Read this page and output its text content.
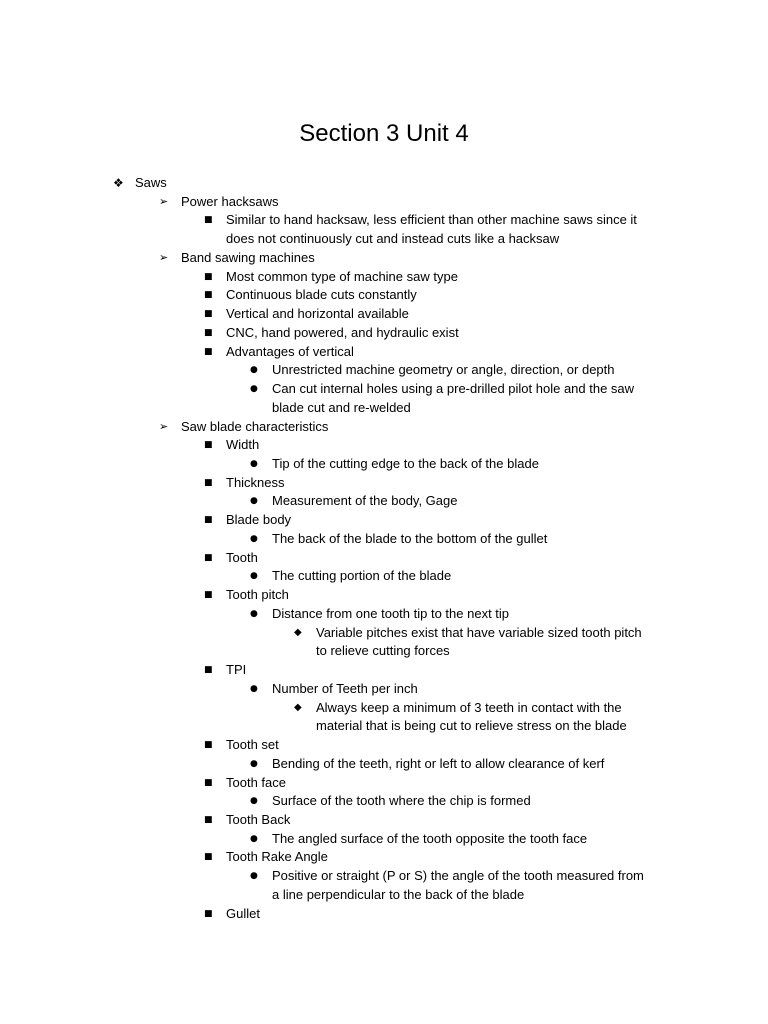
Section 3 Unit 4
❖ Saws
➢ Power hacksaws
■	Similar to hand hacksaw, less efficient than other machine saws since it
does not continuously cut and instead cuts like a hacksaw
➢ Band sawing machines
■	Most common type of machine saw type
■	Continuous blade cuts constantly
■	Vertical and horizontal available
■	CNC, hand powered, and hydraulic exist
■	Advantages of vertical
●	Unrestricted machine geometry or angle, direction, or depth
●	Can cut internal holes using a pre-drilled pilot hole and the saw
blade cut and re-welded
➢ Saw blade characteristics
■	Width
●	Tip of the cutting edge to the back of the blade
■	Thickness
●	Measurement of the body, Gage
■	Blade body
●	The back of the blade to the bottom of the gullet
■	Tooth
●	The cutting portion of the blade
■	Tooth pitch
●	Distance from one tooth tip to the next tip
◆	Variable pitches exist that have variable sized tooth pitch
to relieve cutting forces
■	TPI
●	Number of Teeth per inch
◆	Always keep a minimum of 3 teeth in contact with the
material that is being cut to relieve stress on the blade
■	Tooth set
●	Bending of the teeth, right or left to allow clearance of kerf
■	Tooth face
●	Surface of the tooth where the chip is formed
■	Tooth Back
●	The angled surface of the tooth opposite the tooth face
■	Tooth Rake Angle
●	Positive or straight (P or S) the angle of the tooth measured from
a line perpendicular to the back of the blade
■	Gullet
